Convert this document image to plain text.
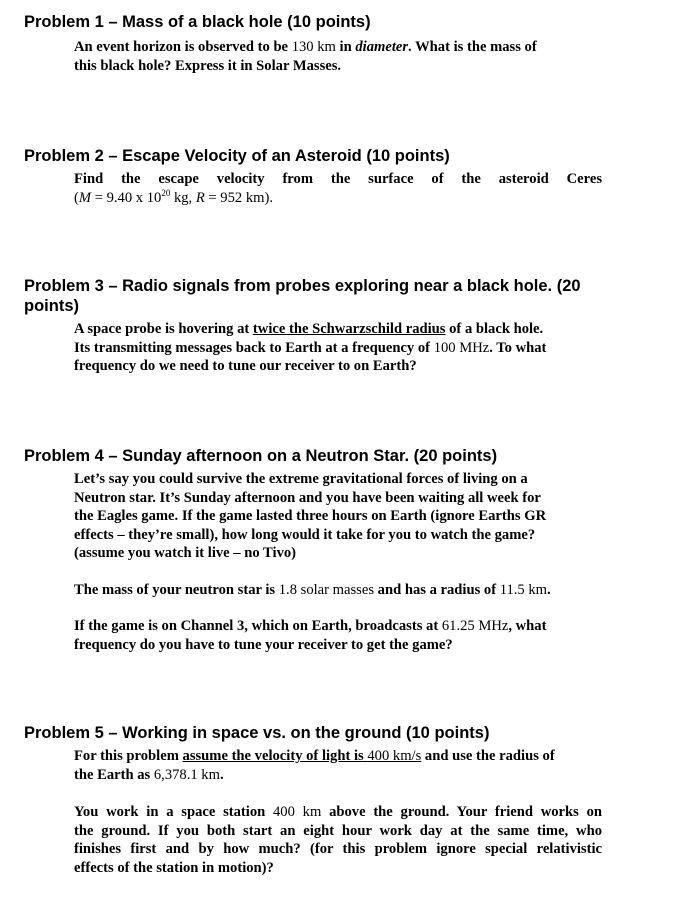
Problem 1 – Mass of a black hole (10 points)
An event horizon is observed to be 130 km in diameter. What is the mass of
this black hole? Express it in Solar Masses.
Problem 2 – Escape Velocity of an Asteroid (10 points)
Find the escape velocity from the surface of the asteroid Ceres
(M = 9.40 x $10^{20}$ kg, R = 952 km).
Problem 3 – Radio signals from probes exploring near a black hole. (20 points)
A space probe is hovering at twice the Schwarzschild radius of a black hole.
Its transmitting messages back to Earth at a frequency of 100 MHz. To what
frequency do we need to tune our receiver to on Earth?
Problem 4 – Sunday afternoon on a Neutron Star. (20 points)
Let’s say you could survive the extreme gravitational forces of living on a
Neutron star. It’s Sunday afternoon and you have been waiting all week for
the Eagles game. If the game lasted three hours on Earth (ignore Earths GR
effects – they’re small), how long would it take for you to watch the game?
(assume you watch it live – no Tivo)
The mass of your neutron star is 1.8 solar masses and has a radius of 11.5 km.
If the game is on Channel 3, which on Earth, broadcasts at 61.25 MHz, what
frequency do you have to tune your receiver to get the game?
Problem 5 – Working in space vs. on the ground (10 points)
For this problem assume the velocity of light is 400 km/s and use the radius of
the Earth as 6,378.1 km.
You work in a space station 400 km above the ground. Your friend works on
the ground. If you both start an eight hour work day at the same time, who
finishes first and by how much? (for this problem ignore special relativistic
effects of the station in motion)?
